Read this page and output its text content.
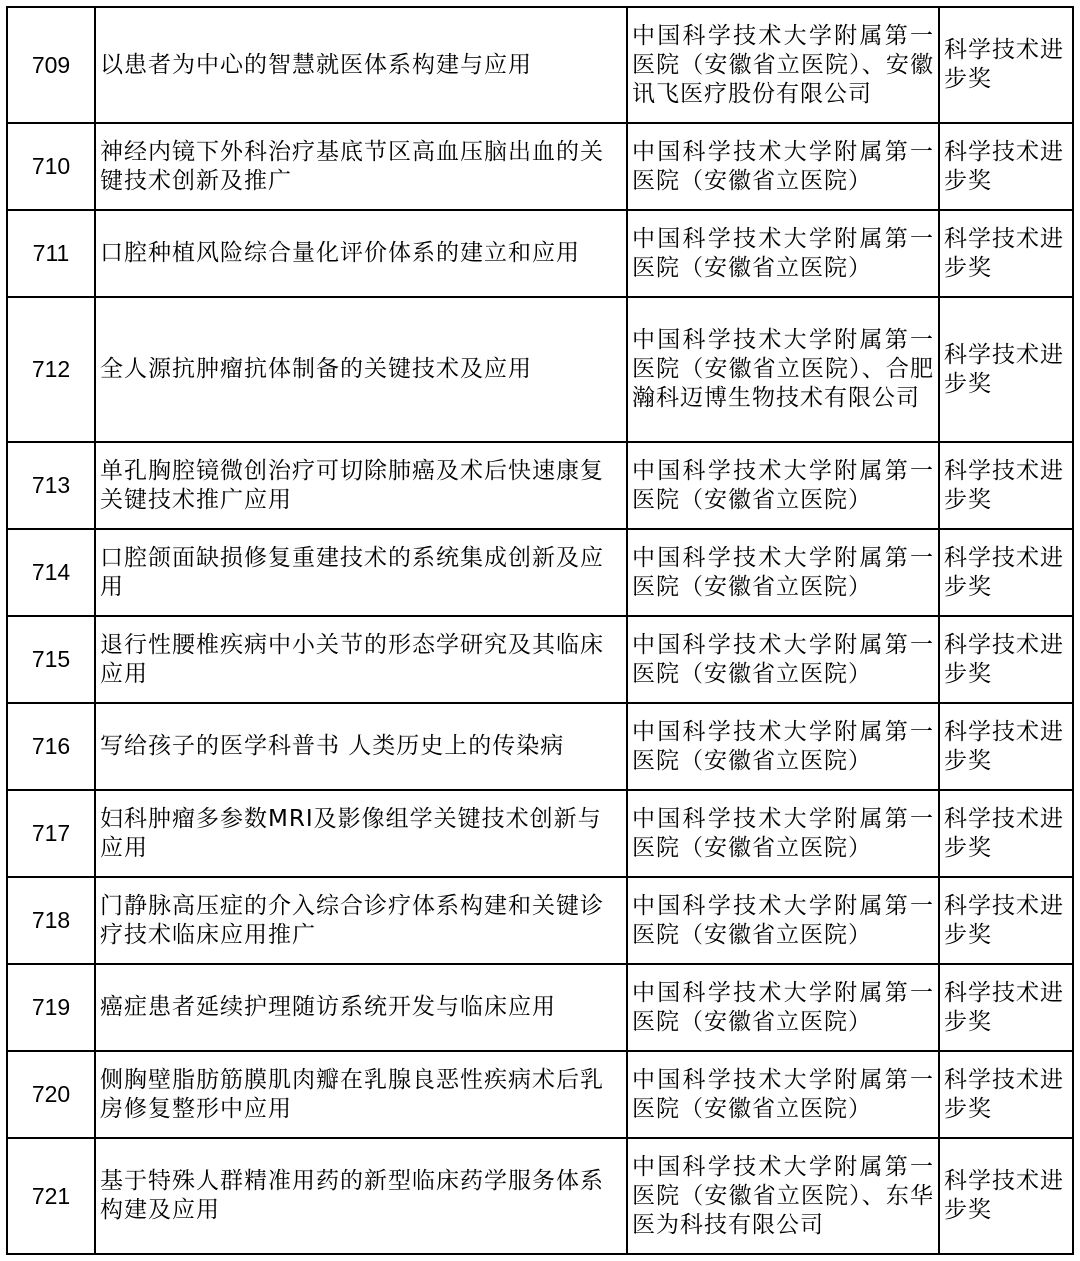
709	以患者为中心的智慧就医体系构建与应用	中国科学技术大学附属第一医院（安徽省立医院）、安徽讯飞医疗股份有限公司	科学技术进步奖
710	神经内镜下外科治疗基底节区高血压脑出血的关键技术创新及推广	中国科学技术大学附属第一医院（安徽省立医院）	科学技术进步奖
711	口腔种植风险综合量化评价体系的建立和应用	中国科学技术大学附属第一医院（安徽省立医院）	科学技术进步奖
712	全人源抗肿瘤抗体制备的关键技术及应用	中国科学技术大学附属第一医院（安徽省立医院）、合肥瀚科迈博生物技术有限公司	科学技术进步奖
713	单孔胸腔镜微创治疗可切除肺癌及术后快速康复关键技术推广应用	中国科学技术大学附属第一医院（安徽省立医院）	科学技术进步奖
714	口腔颌面缺损修复重建技术的系统集成创新及应用	中国科学技术大学附属第一医院（安徽省立医院）	科学技术进步奖
715	退行性腰椎疾病中小关节的形态学研究及其临床应用	中国科学技术大学附属第一医院（安徽省立医院）	科学技术进步奖
716	写给孩子的医学科普书 人类历史上的传染病	中国科学技术大学附属第一医院（安徽省立医院）	科学技术进步奖
717	妇科肿瘤多参数MRI及影像组学关键技术创新与应用	中国科学技术大学附属第一医院（安徽省立医院）	科学技术进步奖
718	门静脉高压症的介入综合诊疗体系构建和关键诊疗技术临床应用推广	中国科学技术大学附属第一医院（安徽省立医院）	科学技术进步奖
719	癌症患者延续护理随访系统开发与临床应用	中国科学技术大学附属第一医院（安徽省立医院）	科学技术进步奖
720	侧胸壁脂肪筋膜肌肉瓣在乳腺良恶性疾病术后乳房修复整形中应用	中国科学技术大学附属第一医院（安徽省立医院）	科学技术进步奖
721	基于特殊人群精准用药的新型临床药学服务体系构建及应用	中国科学技术大学附属第一医院（安徽省立医院）、东华医为科技有限公司	科学技术进步奖
